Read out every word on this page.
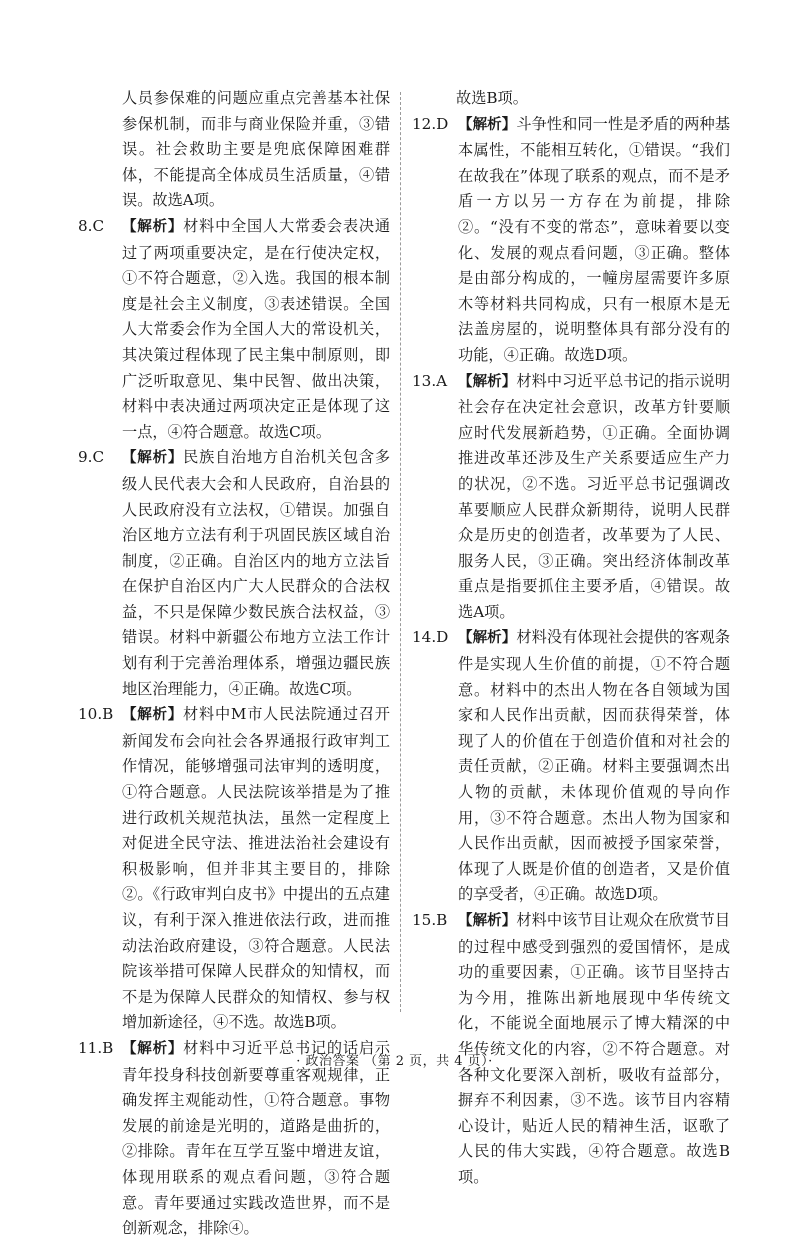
人员参保难的问题应重点完善基本社保参保机制，而非与商业保险并重，③错误。社会救助主要是兜底保障困难群体，不能提高全体成员生活质量，④错误。故选A项。

8.C 【解析】材料中全国人大常委会表决通过了两项重要决定，是在行使决定权，①不符合题意，②入选。我国的根本制度是社会主义制度，③表述错误。全国人大常委会作为全国人大的常设机关，其决策过程体现了民主集中制原则，即广泛听取意见、集中民智、做出决策，材料中表决通过两项决定正是体现了这一点，④符合题意。故选C项。
9.C 【解析】民族自治地方自治机关包含多级人民代表大会和人民政府，自治县的人民政府没有立法权，①错误。加强自治区地方立法有利于巩固民族区域自治制度，②正确。自治区内的地方立法旨在保护自治区内广大人民群众的合法权益，不只是保障少数民族合法权益，③错误。材料中新疆公布地方立法工作计划有利于完善治理体系，增强边疆民族地区治理能力，④正确。故选C项。
10.B 【解析】材料中M市人民法院通过召开新闻发布会向社会各界通报行政审判工作情况，能够增强司法审判的透明度，①符合题意。人民法院该举措是为了推进行政机关规范执法，虽然一定程度上对促进全民守法、推进法治社会建设有积极影响，但并非其主要目的，排除②。《行政审判白皮书》中提出的五点建议，有利于深入推进依法行政，进而推动法治政府建设，③符合题意。人民法院该举措可保障人民群众的知情权，而不是为保障人民群众的知情权、参与权增加新途径，④不选。故选B项。
11.B 【解析】材料中习近平总书记的话启示青年投身科技创新要尊重客观规律，正确发挥主观能动性，①符合题意。事物发展的前途是光明的，道路是曲折的，②排除。青年在互学互鉴中增进友谊，体现用联系的观点看问题，③符合题意。青年要通过实践改造世界，而不是创新观念，排除④。

故选B项。

12.D 【解析】斗争性和同一性是矛盾的两种基本属性，不能相互转化，①错误。“我们在故我在”体现了联系的观点，而不是矛盾一方以另一方存在为前提，排除②。“没有不变的常态”，意味着要以变化、发展的观点看问题，③正确。整体是由部分构成的，一幢房屋需要许多原木等材料共同构成，只有一根原木是无法盖房屋的，说明整体具有部分没有的功能，④正确。故选D项。
13.A 【解析】材料中习近平总书记的指示说明社会存在决定社会意识，改革方针要顺应时代发展新趋势，①正确。全面协调推进改革还涉及生产关系要适应生产力的状况，②不选。习近平总书记强调改革要顺应人民群众新期待，说明人民群众是历史的创造者，改革要为了人民、服务人民，③正确。突出经济体制改革重点是指要抓住主要矛盾，④错误。故选A项。
14.D 【解析】材料没有体现社会提供的客观条件是实现人生价值的前提，①不符合题意。材料中的杰出人物在各自领域为国家和人民作出贡献，因而获得荣誉，体现了人的价值在于创造价值和对社会的责任贡献，②正确。材料主要强调杰出人物的贡献，未体现价值观的导向作用，③不符合题意。杰出人物为国家和人民作出贡献，因而被授予国家荣誉，体现了人既是价值的创造者，又是价值的享受者，④正确。故选D项。
15.B 【解析】材料中该节目让观众在欣赏节目的过程中感受到强烈的爱国情怀，是成功的重要因素，①正确。该节目坚持古为今用，推陈出新地展现中华传统文化，不能说全面地展示了博大精深的中华传统文化的内容，②不符合题意。对各种文化要深入剖析，吸收有益部分，摒弃不利因素，③不选。该节目内容精心设计，贴近人民的精神生活，讴歌了人民的伟大实践，④符合题意。故选B项。
· 政治答案 （第 2 页，共 4 页）·
